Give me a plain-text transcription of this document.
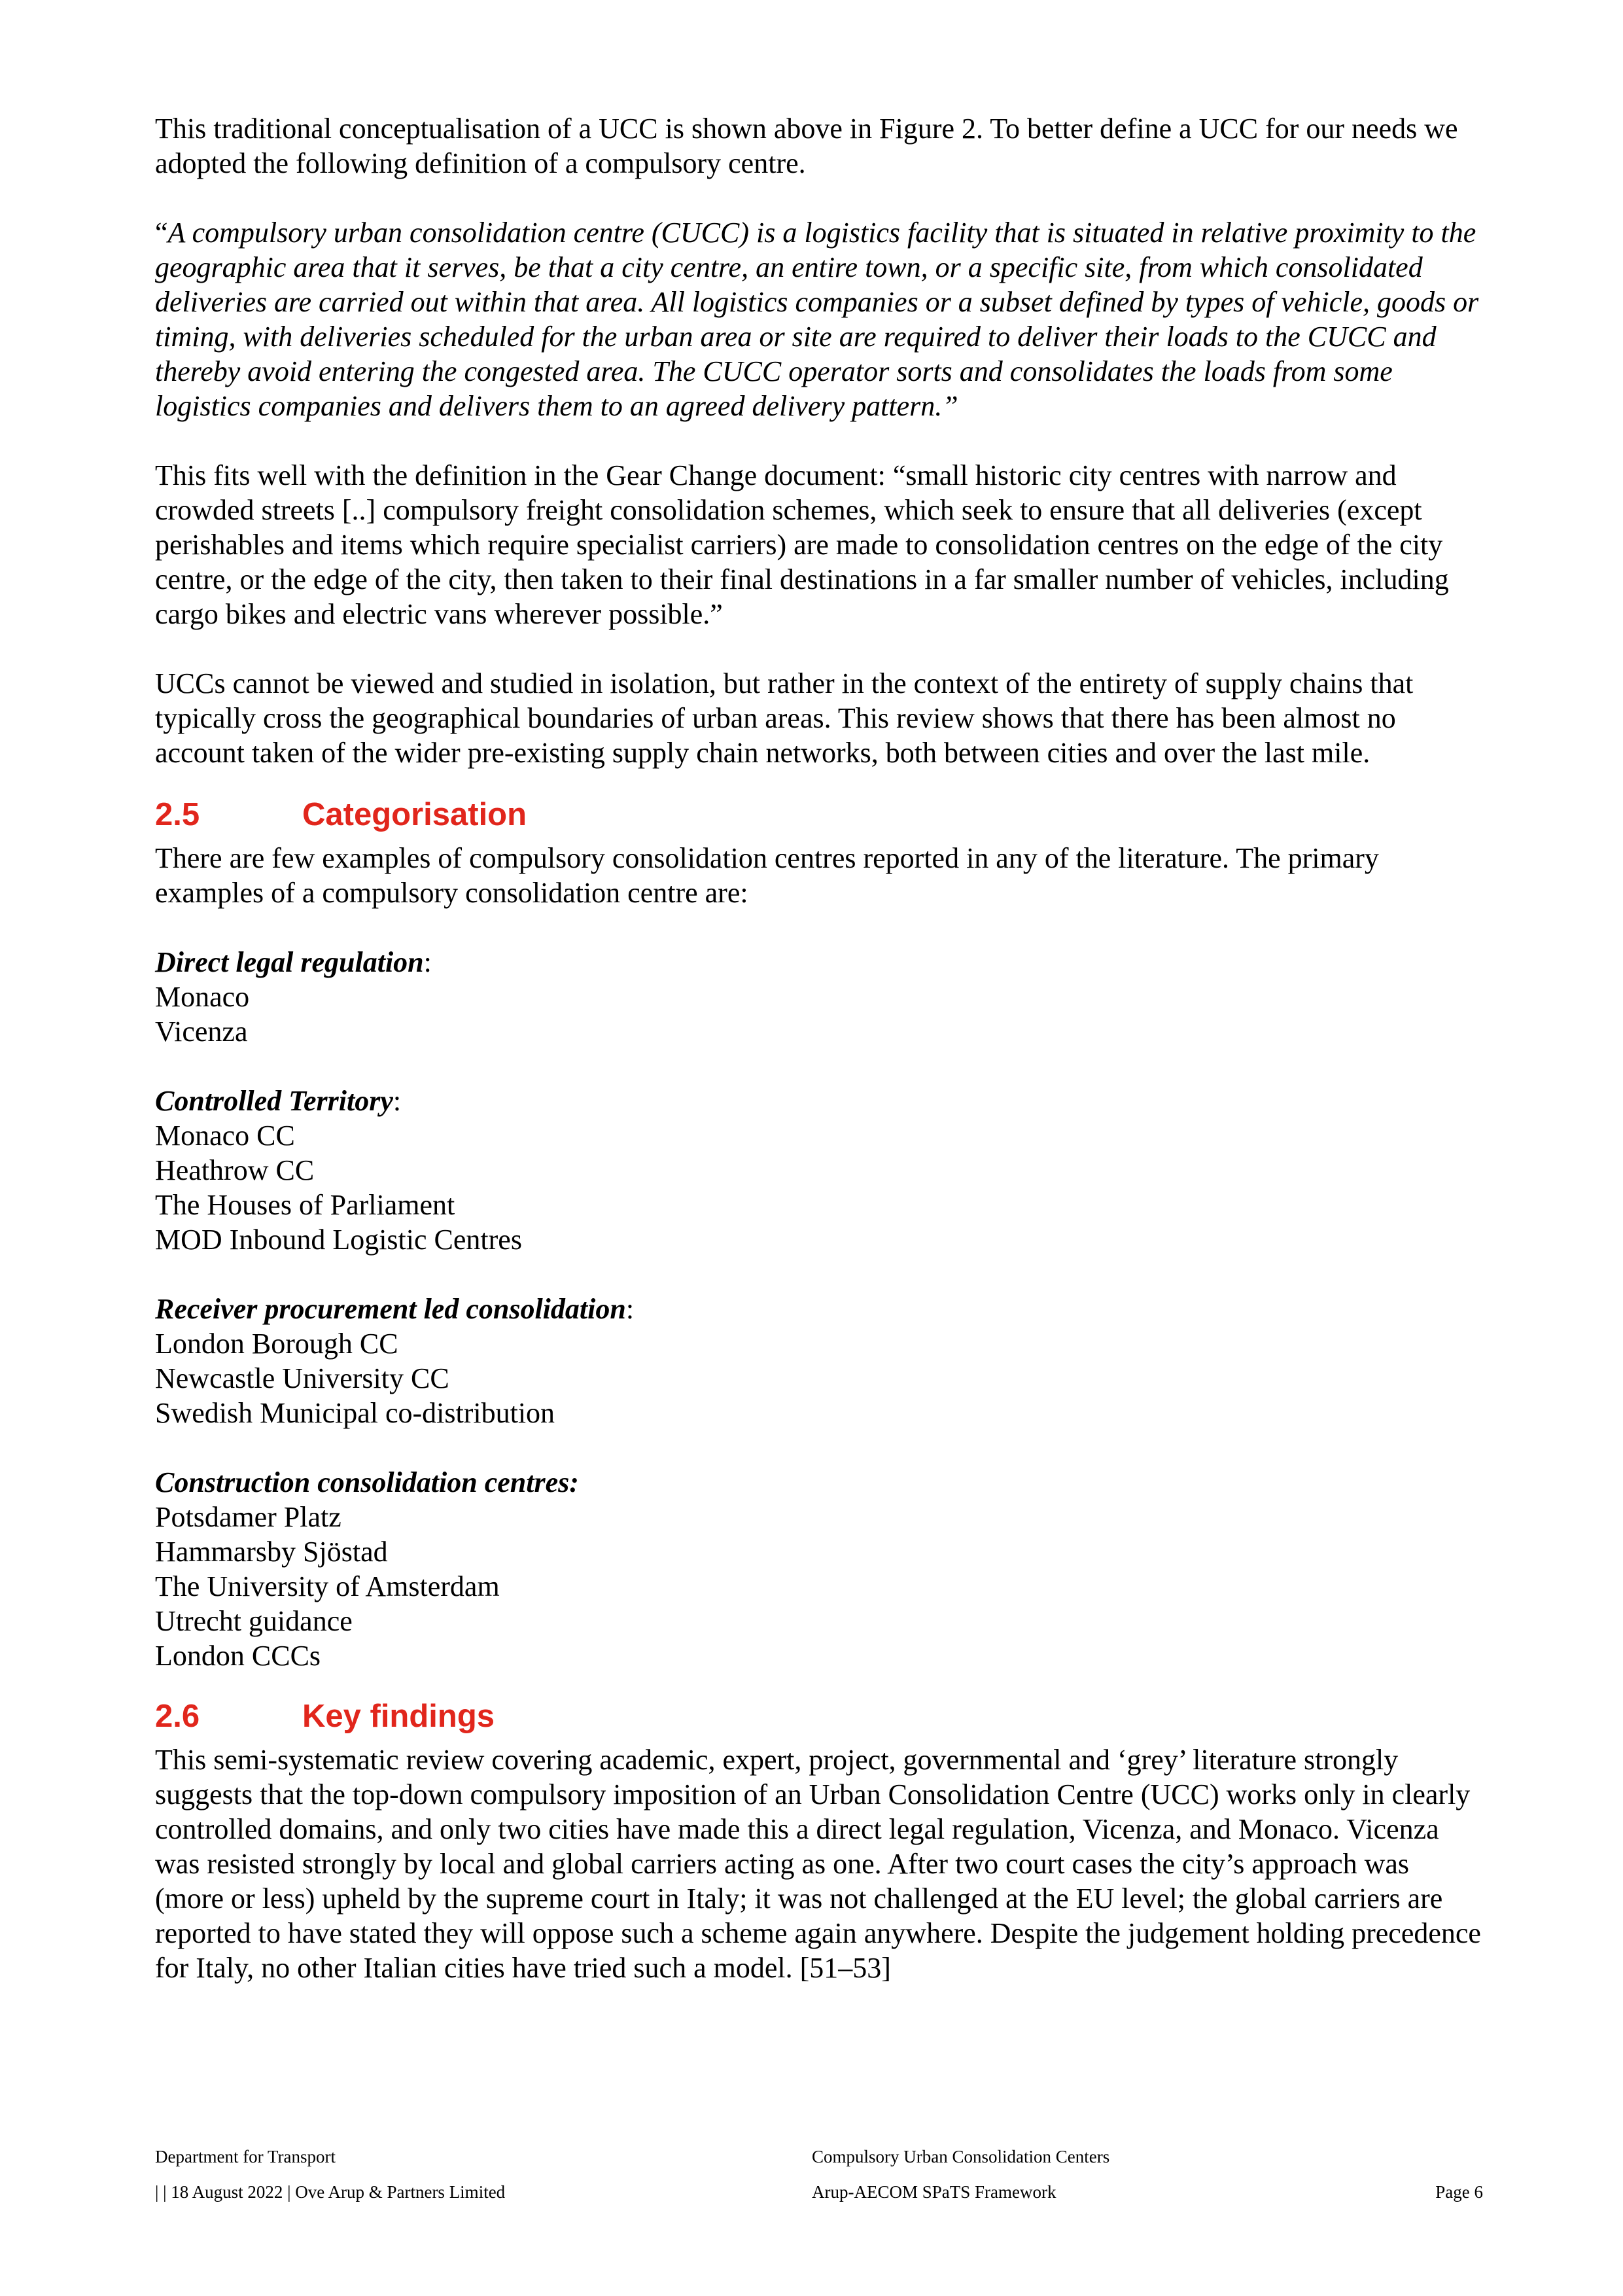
This traditional conceptualisation of a UCC is shown above in Figure 2. To better define a UCC for our needs we adopted the following definition of a compulsory centre.

“A compulsory urban consolidation centre (CUCC) is a logistics facility that is situated in relative proximity to the geographic area that it serves, be that a city centre, an entire town, or a specific site, from which consolidated deliveries are carried out within that area. All logistics companies or a subset defined by types of vehicle, goods or timing, with deliveries scheduled for the urban area or site are required to deliver their loads to the CUCC and thereby avoid entering the congested area. The CUCC operator sorts and consolidates the loads from some logistics companies and delivers them to an agreed delivery pattern.”

This fits well with the definition in the Gear Change document: “small historic city centres with narrow and crowded streets [..] compulsory freight consolidation schemes, which seek to ensure that all deliveries (except perishables and items which require specialist carriers) are made to consolidation centres on the edge of the city centre, or the edge of the city, then taken to their final destinations in a far smaller number of vehicles, including cargo bikes and electric vans wherever possible.”

UCCs cannot be viewed and studied in isolation, but rather in the context of the entirety of supply chains that typically cross the geographical boundaries of urban areas. This review shows that there has been almost no account taken of the wider pre-existing supply chain networks, both between cities and over the last mile.

2.5	Categorisation

There are few examples of compulsory consolidation centres reported in any of the literature. The primary examples of a compulsory consolidation centre are:

Direct legal regulation:

Monaco
Vicenza

Controlled Territory:

Monaco CC
Heathrow CC
The Houses of Parliament
MOD Inbound Logistic Centres

Receiver procurement led consolidation:

London Borough CC
Newcastle University CC
Swedish Municipal co-distribution

Construction consolidation centres:

Potsdamer Platz
Hammarsby Sjöstad
The University of Amsterdam
Utrecht guidance
London CCCs

2.6	Key findings

This semi-systematic review covering academic, expert, project, governmental and ‘grey’ literature strongly suggests that the top-down compulsory imposition of an Urban Consolidation Centre (UCC) works only in clearly controlled domains, and only two cities have made this a direct legal regulation, Vicenza, and Monaco. Vicenza was resisted strongly by local and global carriers acting as one. After two court cases the city’s approach was (more or less) upheld by the supreme court in Italy; it was not challenged at the EU level; the global carriers are reported to have stated they will oppose such a scheme again anywhere. Despite the judgement holding precedence for Italy, no other Italian cities have tried such a model. [51–53]

Department for Transport	Compulsory Urban Consolidation Centers
| | 18 August 2022 | Ove Arup & Partners Limited	Arup-AECOM SPaTS Framework	Page 6
